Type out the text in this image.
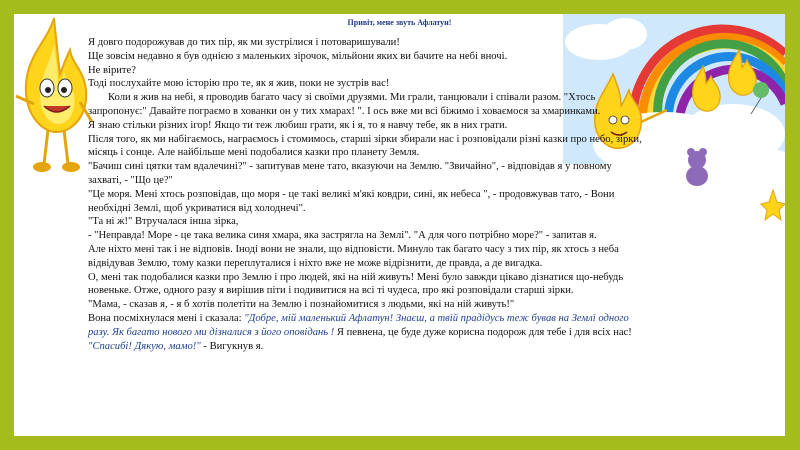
Привіт, мене звуть Афлатун!

Я довго подорожував до тих пір, як ми зустрілися і потоваришували!

Ще зовсім недавно я був однією з маленьких зірочок, мільйони яких ви бачите на небі вночі.

Не вірите?

Тоді послухайте мою історію про те, як я жив, поки не зустрів вас!

Коли я жив на небі, я проводив багато часу зі своїми друзями. Ми грали, танцювали і співали разом. "Хтось запропонує:" Давайте пограємо в хованки он у тих хмарах! ". І ось вже ми всі біжимо і ховаємося за хмаринками.

Я знаю стільки різних ігор! Якщо ти теж любиш грати, як і я, то я навчу тебе, як в них грати.

Після того, як ми набігаємось, награємось і стомимось, старші зірки збирали нас і розповідали різні казки про небо, зірки, місяць і сонце. Але найбільше мені подобалися казки про планету Земля.

"Бачиш сині цятки там вдалечині?" - запитував мене тато, вказуючи на Землю. "Звичайно", - відповідав я у повному захваті, - "Що це?"

"Це моря. Мені хтось розповідав, що моря - це такі великі м'які ковдри, сині, як небеса ", - продовжував тато, - Вони необхідні Землі, щоб укриватися від холоднечі".

"Та ні ж!" Втручалася інша зірка,

- "Неправда! Море - це така велика синя хмара, яка застрягла на Землі". "А для чого потрібно море?" - запитав я.

Але ніхто мені так і не відповів. Іноді вони не знали, що відповісти. Минуло так багато часу з тих пір, як хтось з неба відвідував Землю, тому казки переплуталися і ніхто вже не може відрізнити, де правда, а де вигадка.

О, мені так подобалися казки про Землю і про людей, які на ній живуть! Мені було завжди цікаво дізнатися що-небудь новеньке. Отже, одного разу я вирішив піти і подивитися на всі ті чудеса, про які розповідали старші зірки.

"Мама, - сказав я, - я б хотів полетіти на Землю і познайомитися з людьми, які на ній живуть!"

Вона посміхнулася мені і сказала: "Добре, мій маленький Афлатун! Знаєш, а твій прадідусь теж бував на Землі одного разу. Як багато нового ми дізналися з його оповідань ! Я певнена, це буде дуже корисна подорож для тебе і для всіх нас! "Спасибі! Дякую, мамо!" - Вигукнув я.
